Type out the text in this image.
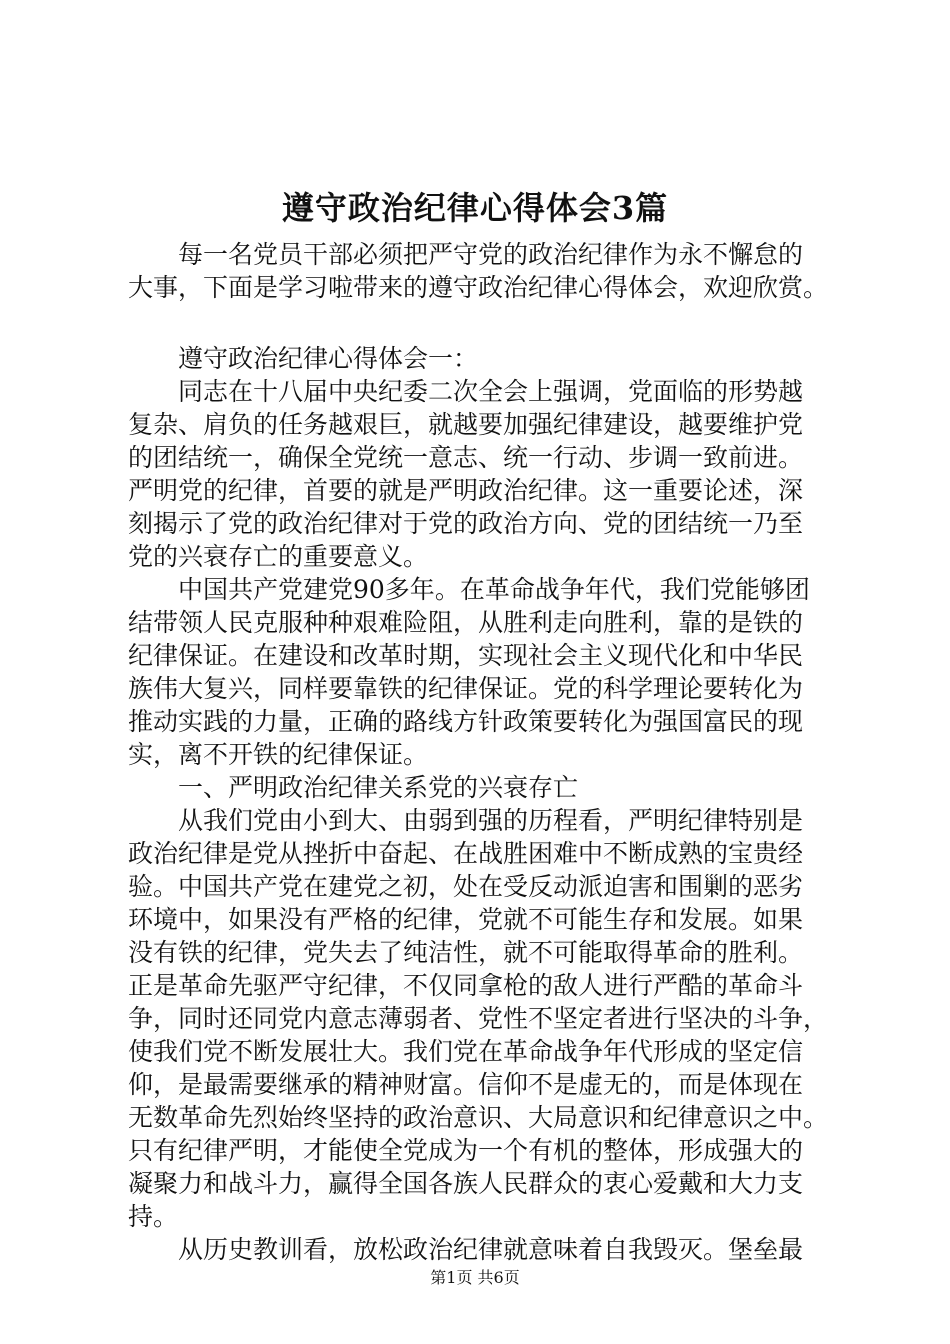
遵守政治纪律心得体会3篇
　　每一名党员干部必须把严守党的政治纪律作为永不懈怠的
大事，下面是学习啦带来的遵守政治纪律心得体会，欢迎欣赏。
　　遵守政治纪律心得体会一：
　　同志在十八届中央纪委二次全会上强调，党面临的形势越
复杂、肩负的任务越艰巨，就越要加强纪律建设，越要维护党
的团结统一，确保全党统一意志、统一行动、步调一致前进。
严明党的纪律，首要的就是严明政治纪律。这一重要论述，深
刻揭示了党的政治纪律对于党的政治方向、党的团结统一乃至
党的兴衰存亡的重要意义。
　　中国共产党建党90多年。在革命战争年代，我们党能够团
结带领人民克服种种艰难险阻，从胜利走向胜利，靠的是铁的
纪律保证。在建设和改革时期，实现社会主义现代化和中华民
族伟大复兴，同样要靠铁的纪律保证。党的科学理论要转化为
推动实践的力量，正确的路线方针政策要转化为强国富民的现
实，离不开铁的纪律保证。
　　一、严明政治纪律关系党的兴衰存亡
　　从我们党由小到大、由弱到强的历程看，严明纪律特别是
政治纪律是党从挫折中奋起、在战胜困难中不断成熟的宝贵经
验。中国共产党在建党之初，处在受反动派迫害和围剿的恶劣
环境中，如果没有严格的纪律，党就不可能生存和发展。如果
没有铁的纪律，党失去了纯洁性，就不可能取得革命的胜利。
正是革命先驱严守纪律，不仅同拿枪的敌人进行严酷的革命斗
争，同时还同党内意志薄弱者、党性不坚定者进行坚决的斗争，
使我们党不断发展壮大。我们党在革命战争年代形成的坚定信
仰，是最需要继承的精神财富。信仰不是虚无的，而是体现在
无数革命先烈始终坚持的政治意识、大局意识和纪律意识之中。
只有纪律严明，才能使全党成为一个有机的整体，形成强大的
凝聚力和战斗力，赢得全国各族人民群众的衷心爱戴和大力支
持。
　　从历史教训看，放松政治纪律就意味着自我毁灭。堡垒最
第1页 共6页
